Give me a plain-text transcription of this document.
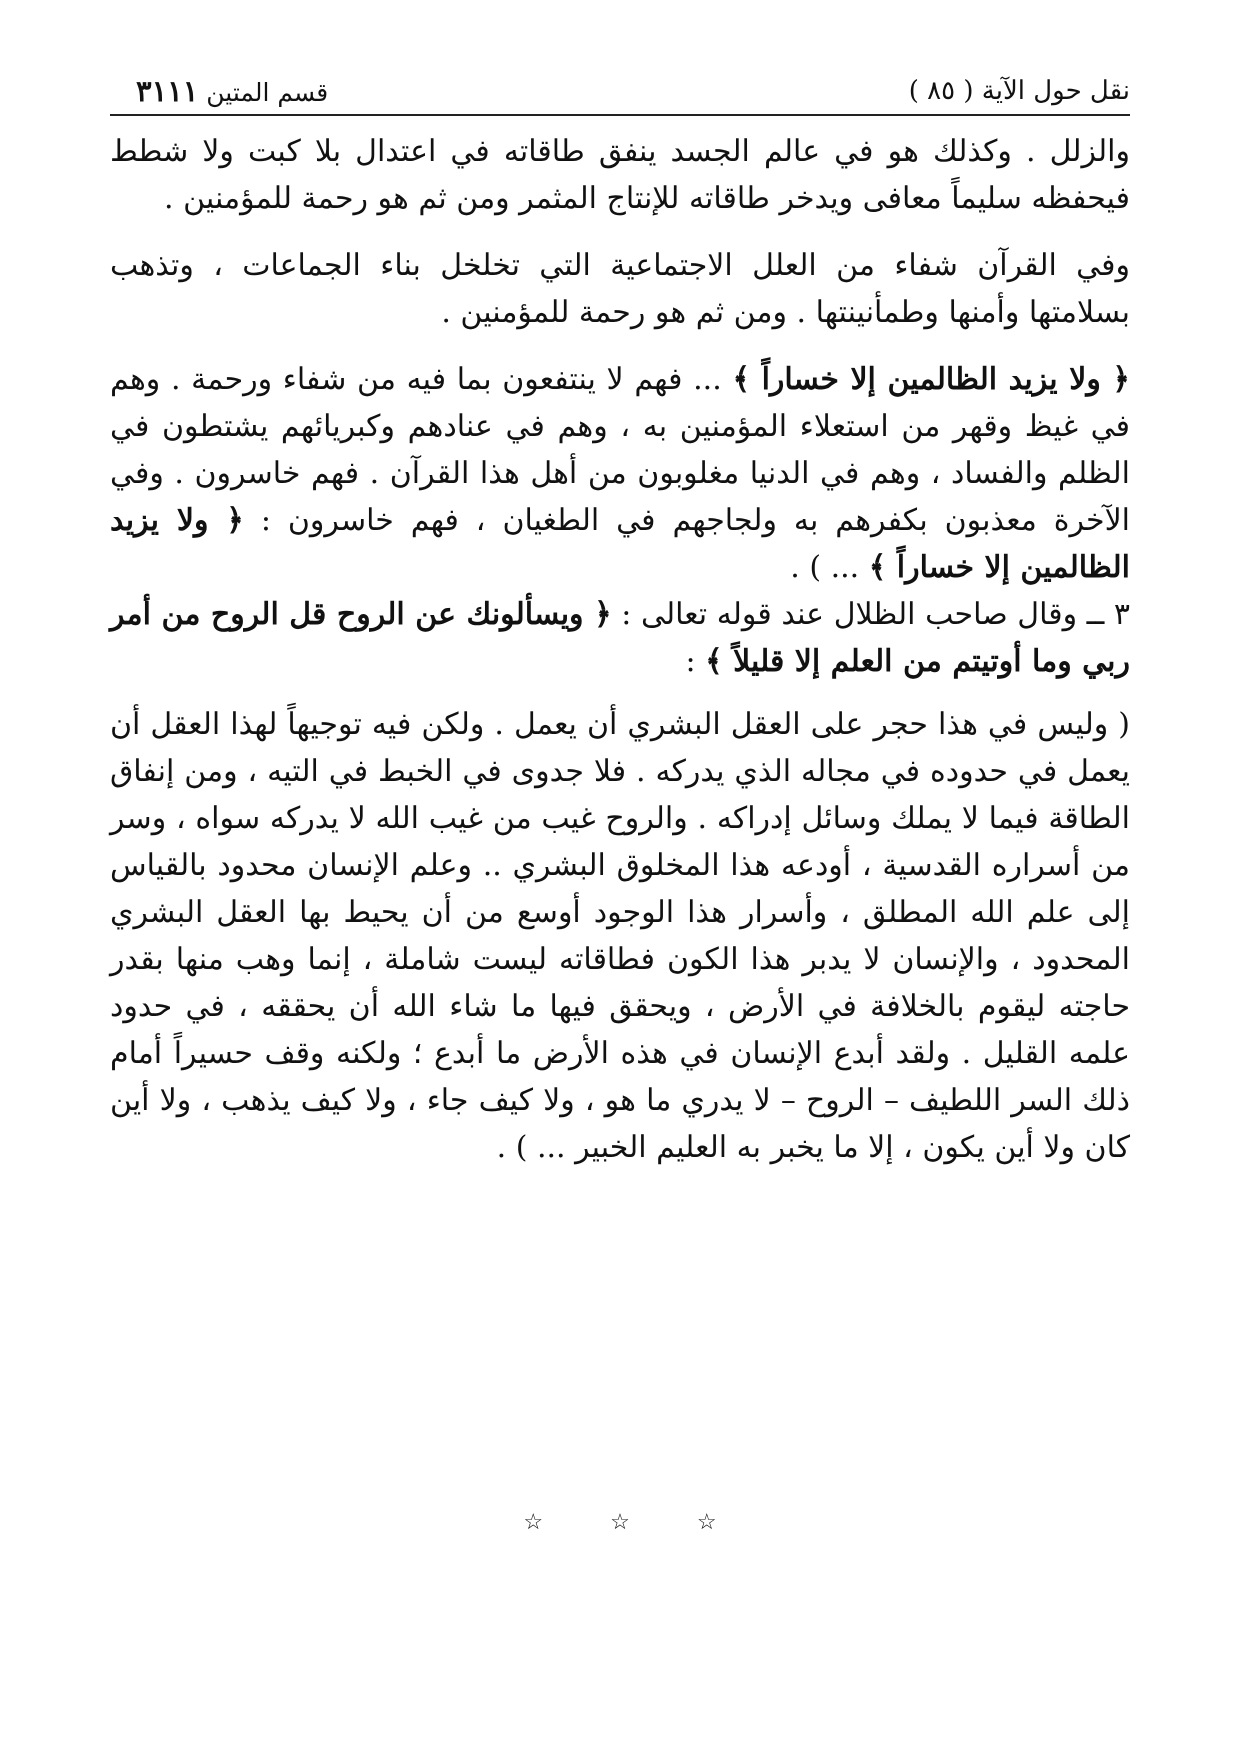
نقل حول الآية ( ٨٥ )
قسم المتين ٣١١١

والزلل . وكذلك هو في عالم الجسد ينفق طاقاته في اعتدال بلا كبت ولا شطط فيحفظه سليماً معافى ويدخر طاقاته للإنتاج المثمر ومن ثم هو رحمة للمؤمنين .

وفي القرآن شفاء من العلل الاجتماعية التي تخلخل بناء الجماعات ، وتذهب بسلامتها وأمنها وطمأنينتها . ومن ثم هو رحمة للمؤمنين .

﴿ ولا يزيد الظالمين إلا خساراً ﴾ ... فهم لا ينتفعون بما فيه من شفاء ورحمة . وهم في غيظ وقهر من استعلاء المؤمنين به ، وهم في عنادهم وكبريائهم يشتطون في الظلم والفساد ، وهم في الدنيا مغلوبون من أهل هذا القرآن . فهم خاسرون . وفي الآخرة معذبون بكفرهم به ولجاجهم في الطغيان ، فهم خاسرون : ﴿ ولا يزيد الظالمين إلا خساراً ﴾ ... ) .

٣ ــ وقال صاحب الظلال عند قوله تعالى : ﴿ ويسألونك عن الروح قل الروح من أمر ربي وما أوتيتم من العلم إلا قليلاً ﴾ :

( وليس في هذا حجر على العقل البشري أن يعمل . ولكن فيه توجيهاً لهذا العقل أن يعمل في حدوده في مجاله الذي يدركه . فلا جدوى في الخبط في التيه ، ومن إنفاق الطاقة فيما لا يملك وسائل إدراكه . والروح غيب من غيب الله لا يدركه سواه ، وسر من أسراره القدسية ، أودعه هذا المخلوق البشري .. وعلم الإنسان محدود بالقياس إلى علم الله المطلق ، وأسرار هذا الوجود أوسع من أن يحيط بها العقل البشري المحدود ، والإنسان لا يدبر هذا الكون فطاقاته ليست شاملة ، إنما وهب منها بقدر حاجته ليقوم بالخلافة في الأرض ، ويحقق فيها ما شاء الله أن يحققه ، في حدود علمه القليل . ولقد أبدع الإنسان في هذه الأرض ما أبدع ؛ ولكنه وقف حسيراً أمام ذلك السر اللطيف – الروح – لا يدري ما هو ، ولا كيف جاء ، ولا كيف يذهب ، ولا أين كان ولا أين يكون ، إلا ما يخبر به العليم الخبير ... ) .

☆	☆	☆
